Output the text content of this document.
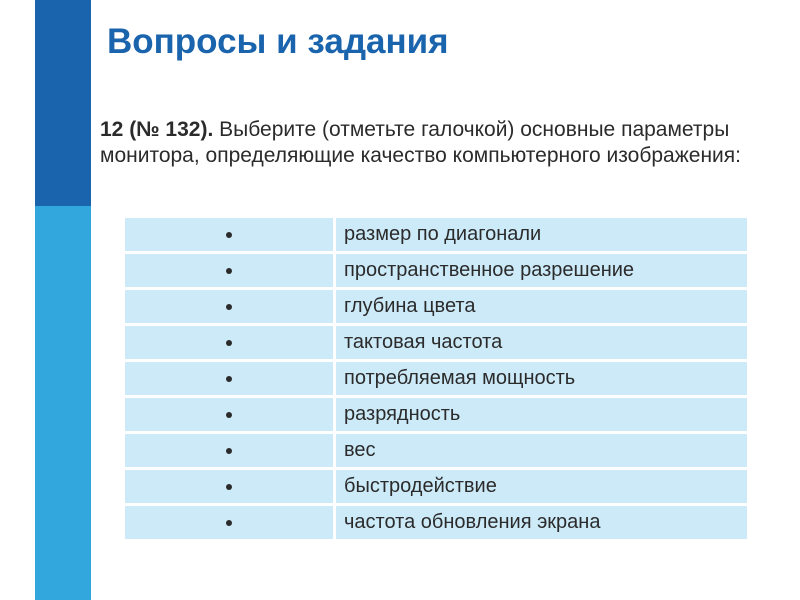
Вопросы и задания

12 (№ 132). Выберите (отметьте галочкой) основные параметры монитора, определяющие качество компьютерного изображения:

	размер по диагонали
	пространственное разрешение
	глубина цвета
	тактовая частота
	потребляемая мощность
	разрядность
	вес
	быстродействие
	частота обновления экрана
